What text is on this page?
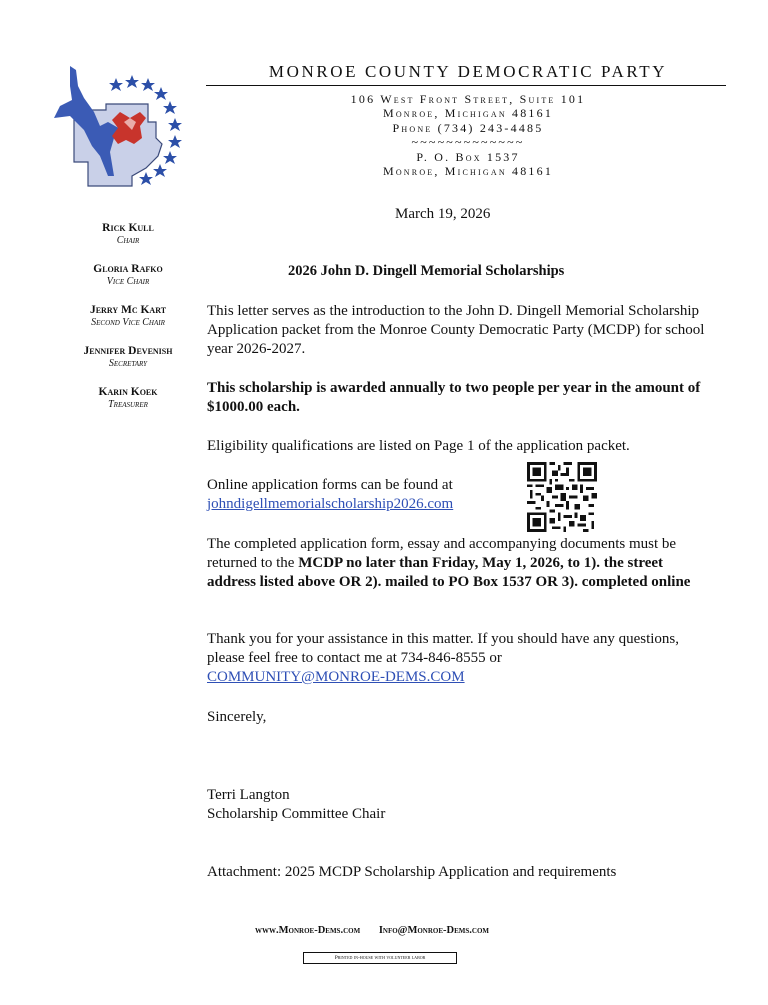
MONROE COUNTY DEMOCRATIC PARTY
106 West Front Street, Suite 101
Monroe, Michigan 48161
Phone (734) 243-4485
~~~~~~~~~~~~~
P. O. Box 1537
Monroe, Michigan 48161
Rick Kull
Chair
Gloria Rafko
Vice Chair
Jerry Mc Kart
Second Vice Chair
Jennifer Devenish
Secretary
Karin Koek
Treasurer
March 19, 2026
2026 John D. Dingell Memorial Scholarships
This letter serves as the introduction to the John D. Dingell Memorial Scholarship Application packet from the Monroe County Democratic Party (MCDP) for school year 2026-2027.
This scholarship is awarded annually to two people per year in the amount of $1000.00 each.
Eligibility qualifications are listed on Page 1 of the application packet.
Online application forms can be found at
johndigellmemorialscholarship2026.com
The completed application form, essay and accompanying documents must be returned to the MCDP no later than Friday, May 1, 2026, to 1). the street address listed above OR 2). mailed to PO Box 1537 OR 3). completed online
Thank you for your assistance in this matter. If you should have any questions, please feel free to contact me at 734-846-8555 or
COMMUNITY@MONROE-DEMS.COM
Sincerely,
Terri Langton
Scholarship Committee Chair
Attachment: 2025 MCDP Scholarship Application and requirements
www.Monroe-Dems.com Info@Monroe-Dems.com
Printed in-house with volunteer labor
